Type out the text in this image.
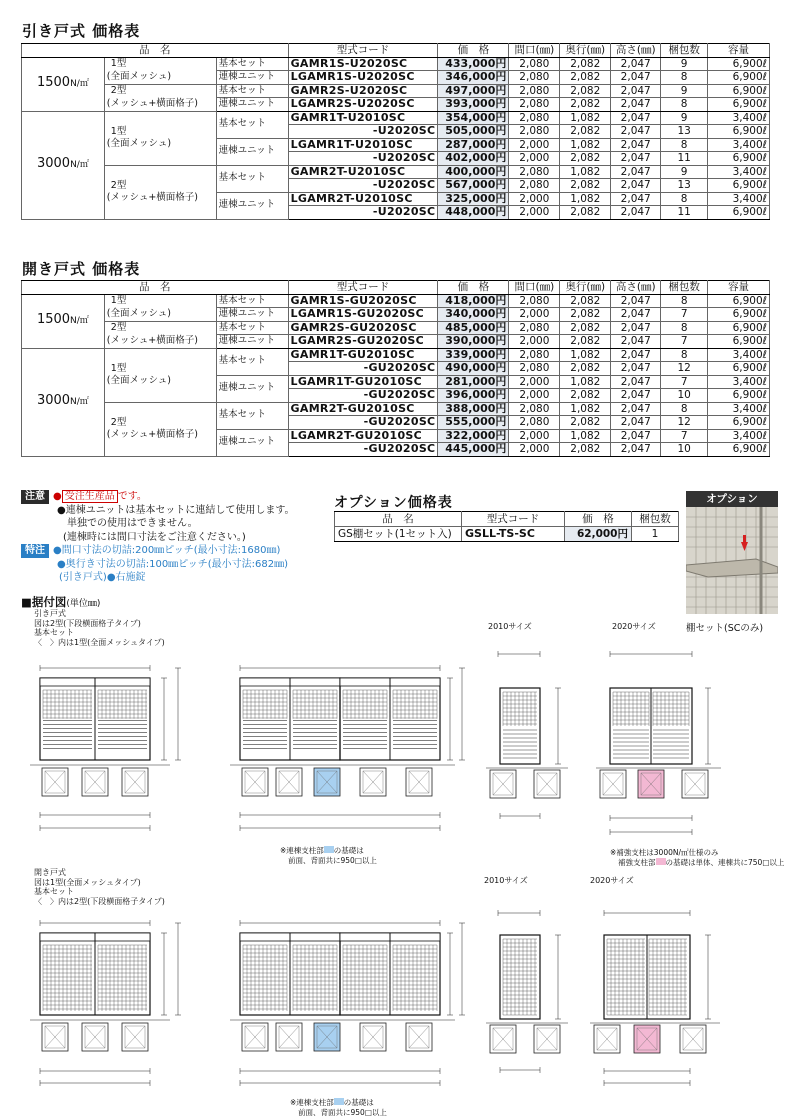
引き戸式 価格表
品　名			型式コード	価　格	間口(㎜)	奥行(㎜)	高さ(㎜)	梱包数	容量
1500N/㎡	1型
(全面メッシュ)	基本セット	GAMR1S-U2020SC	433,000円	2,080	2,082	2,047	9	6,900ℓ
		連棟ユニット	LGAMR1S-U2020SC	346,000円	2,080	2,082	2,047	8	6,900ℓ

	2型
(メッシュ+横面格子)	基本セット	GAMR2S-U2020SC	497,000円	2,080	2,082	2,047	9	6,900ℓ
		連棟ユニット	LGAMR2S-U2020SC	393,000円	2,080	2,082	2,047	8	6,900ℓ
3000N/㎡	1型
(全面メッシュ)	基本セット	GAMR1T-U2010SC	354,000円	2,080	1,082	2,047	9	3,400ℓ
			-U2020SC	505,000円	2,080	2,082	2,047	13	6,900ℓ
		連棟ユニット	LGAMR1T-U2010SC	287,000円	2,000	1,082	2,047	8	3,400ℓ
			-U2020SC	402,000円	2,000	2,082	2,047	11	6,900ℓ

	2型
(メッシュ+横面格子)	基本セット	GAMR2T-U2010SC	400,000円	2,080	1,082	2,047	9	3,400ℓ
			-U2020SC	567,000円	2,080	2,082	2,047	13	6,900ℓ
		連棟ユニット	LGAMR2T-U2010SC	325,000円	2,000	1,082	2,047	8	3,400ℓ
			-U2020SC	448,000円	2,000	2,082	2,047	11	6,900ℓ
開き戸式 価格表
品　名			型式コード	価　格	間口(㎜)	奥行(㎜)	高さ(㎜)	梱包数	容量
1500N/㎡	1型
(全面メッシュ)	基本セット	GAMR1S-GU2020SC	418,000円	2,080	2,082	2,047	8	6,900ℓ
		連棟ユニット	LGAMR1S-GU2020SC	340,000円	2,000	2,082	2,047	7	6,900ℓ

	2型
(メッシュ+横面格子)	基本セット	GAMR2S-GU2020SC	485,000円	2,080	2,082	2,047	8	6,900ℓ
		連棟ユニット	LGAMR2S-GU2020SC	390,000円	2,000	2,082	2,047	7	6,900ℓ
3000N/㎡	1型
(全面メッシュ)	基本セット	GAMR1T-GU2010SC	339,000円	2,080	1,082	2,047	8	3,400ℓ
			-GU2020SC	490,000円	2,080	2,082	2,047	12	6,900ℓ
		連棟ユニット	LGAMR1T-GU2010SC	281,000円	2,000	1,082	2,047	7	3,400ℓ
			-GU2020SC	396,000円	2,000	2,082	2,047	10	6,900ℓ

	2型
(メッシュ+横面格子)	基本セット	GAMR2T-GU2010SC	388,000円	2,080	1,082	2,047	8	3,400ℓ
			-GU2020SC	555,000円	2,080	2,082	2,047	12	6,900ℓ
		連棟ユニット	LGAMR2T-GU2010SC	322,000円	2,000	1,082	2,047	7	3,400ℓ
			-GU2020SC	445,000円	2,000	2,082	2,047	10	6,900ℓ
注意 ● 受注生産品 です。
●連棟ユニットは基本セットに連結して使用します。
単独での使用はできません。
(連棟時には間口寸法をご注意ください。)
特注 ●間口寸法の切詰:200㎜ピッチ(最小寸法:1680㎜)
●奥行き寸法の切詰:100㎜ピッチ(最小寸法:682㎜)
(引き戸式)●右施錠
オプション価格表
品　名	型式コード	価　格	梱包数
GS棚セット(1セット入)	GSLL-TS-SC	62,000円	1
オプション
棚セット(SCのみ)
■据付図(単位㎜)
引き戸式
図は2型(下段横面格子タイプ)
基本セット
〈　〉内は1型(全面メッシュタイプ)
2010サイズ	2020サイズ
※連棟支柱部 の基礎は
前面、背面共に950□以上
※補強支柱は3000N/㎡仕様のみ
補強支柱部 の基礎は単体、連棟共に750□以上
開き戸式
図は1型(全面メッシュタイプ)
基本セット
〈　〉内は2型(下段横面格子タイプ)
2010サイズ	2020サイズ
※連棟支柱部 の基礎は
前面、背面共に950□以上
